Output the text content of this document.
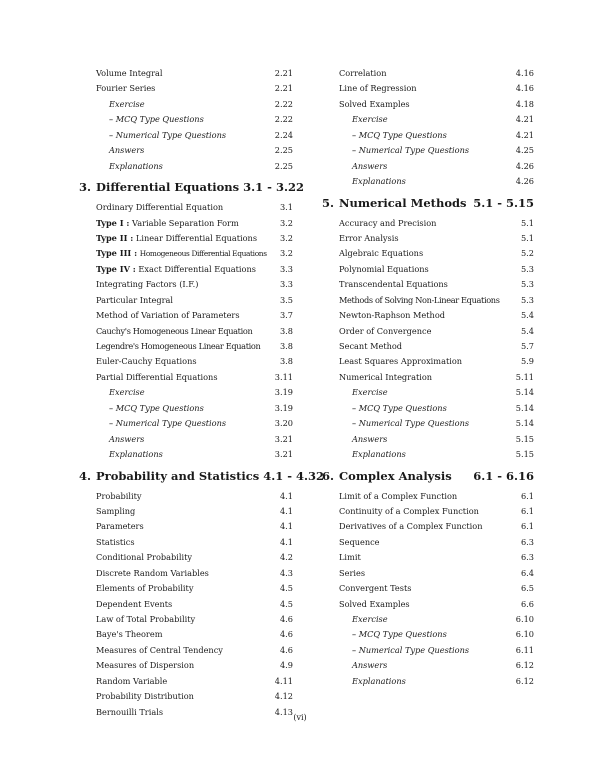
Volume Integral	2.21
Fourier Series	2.21
Exercise	2.22
– MCQ Type Questions	2.22
– Numerical Type Questions	2.24
Answers	2.25
Explanations	2.25
3. Differential Equations 3.1 - 3.22
Ordinary Differential Equation	3.1
Type I : Variable Separation Form	3.2
Type II : Linear Differential Equations	3.2
Type III : Homogeneous Differential Equations	3.2
Type IV : Exact Differential Equations	3.3
Integrating Factors (I.F.)	3.3
Particular Integral	3.5
Method of Variation of Parameters	3.7
Cauchy's Homogeneous Linear Equation	3.8
Legendre's Homogeneous Linear Equation	3.8
Euler-Cauchy Equations	3.8
Partial Differential Equations	3.11
Exercise	3.19
– MCQ Type Questions	3.19
– Numerical Type Questions	3.20
Answers	3.21
Explanations	3.21
4. Probability and Statistics 4.1 - 4.32
Probability	4.1
Sampling	4.1
Parameters	4.1
Statistics	4.1
Conditional Probability	4.2
Discrete Random Variables	4.3
Elements of Probability	4.5
Dependent Events	4.5
Law of Total Probability	4.6
Baye's Theorem	4.6
Measures of Central Tendency	4.6
Measures of Dispersion	4.9
Random Variable	4.11
Probability Distribution	4.12
Bernouilli Trials	4.13
Correlation	4.16
Line of Regression	4.16
Solved Examples	4.18
Exercise	4.21
– MCQ Type Questions	4.21
– Numerical Type Questions	4.25
Answers	4.26
Explanations	4.26
5. Numerical Methods 5.1 - 5.15
Accuracy and Precision	5.1
Error Analysis	5.1
Algebraic Equations	5.2
Polynomial Equations	5.3
Transcendental Equations	5.3
Methods of Solving Non-Linear Equations	5.3
Newton-Raphson Method	5.4
Order of Convergence	5.4
Secant Method	5.7
Least Squares Approximation	5.9
Numerical Integration	5.11
Exercise	5.14
– MCQ Type Questions	5.14
– Numerical Type Questions	5.14
Answers	5.15
Explanations	5.15
6. Complex Analysis	6.1 - 6.16
Limit of a Complex Function	6.1
Continuity of a Complex Function	6.1
Derivatives of a Complex Function	6.1
Sequence	6.3
Limit	6.3
Series	6.4
Convergent Tests	6.5
Solved Examples	6.6
Exercise	6.10
– MCQ Type Questions	6.10
– Numerical Type Questions	6.11
Answers	6.12
Explanations	6.12
(vi)
